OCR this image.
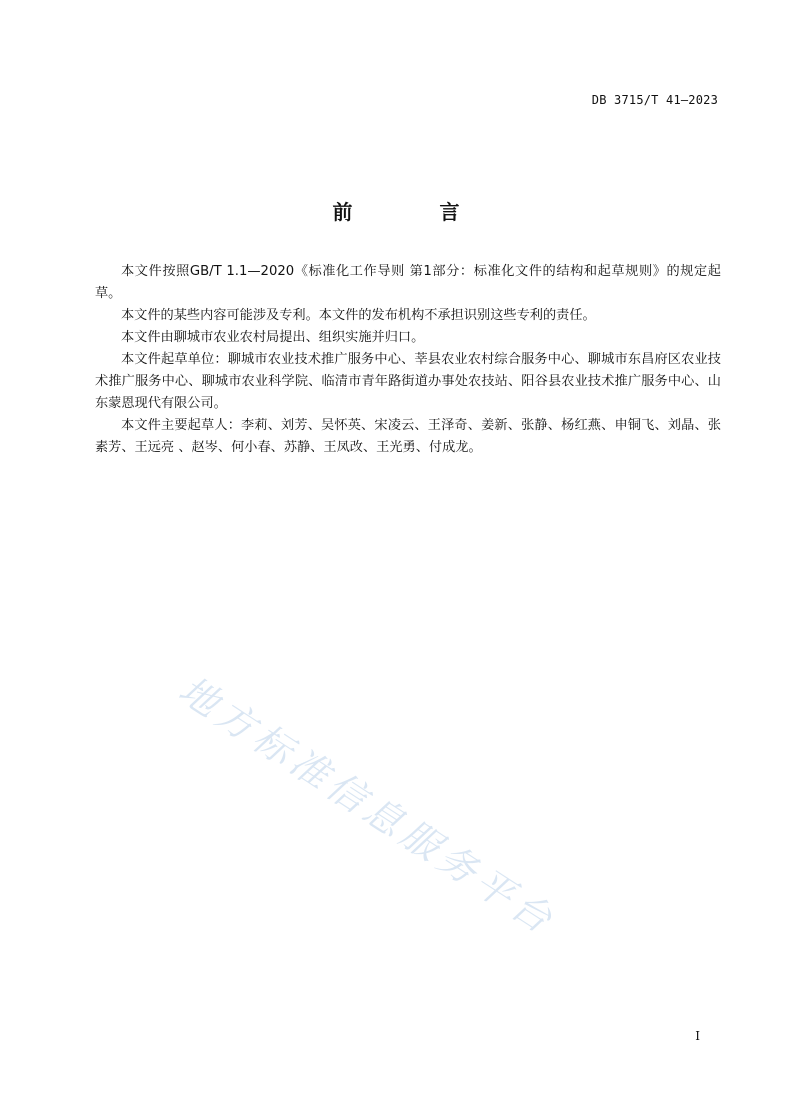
DB 3715/T 41—2023
前 言

本文件按照GB/T 1.1—2020《标准化工作导则 第1部分：标准化文件的结构和起草规则》的规定起草。

本文件的某些内容可能涉及专利。本文件的发布机构不承担识别这些专利的责任。

本文件由聊城市农业农村局提出、组织实施并归口。

本文件起草单位：聊城市农业技术推广服务中心、莘县农业农村综合服务中心、聊城市东昌府区农业技术推广服务中心、聊城市农业科学院、临清市青年路街道办事处农技站、阳谷县农业技术推广服务中心、山东蒙恩现代有限公司。

本文件主要起草人：李莉、刘芳、吴怀英、宋凌云、王泽奇、姜新、张静、杨红燕、申铜飞、刘晶、张素芳、王远亮 、赵岑、何小春、苏静、王凤改、王光勇、付成龙。

地方标准信息服务平台
I
